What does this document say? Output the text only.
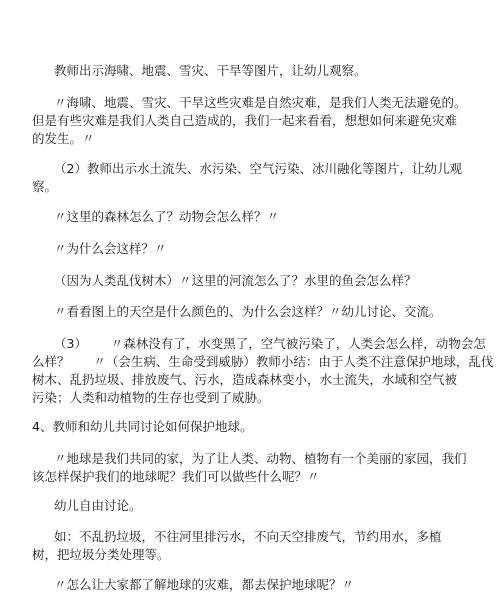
教师出示海啸、地震、雪灾、干旱等图片，让幼儿观察。

〃海啸、地震、雪灾、干旱这些灾难是自然灾难，是我们人类无法避免的。
但是有些灾难是我们人类自己造成的，我们一起来看看，想想如何来避免灾难
的发生。〃

（2）教师出示水土流失、水污染、空气污染、冰川融化等图片，让幼儿观
察。

〃这里的森林怎么了？动物会怎么样？〃

〃为什么会这样？〃

（因为人类乱伐树木）〃这里的河流怎么了？水里的鱼会怎么样？

〃看看图上的天空是什么颜色的、为什么会这样？〃幼儿讨论、交流。

（3）      〃森林没有了，水变黑了，空气被污染了，人类会怎么样，动物会怎
么样？      〃（会生病、生命受到威胁）教师小结：由于人类不注意保护地球，乱伐
树木、乱扔垃圾、排放废气、污水，造成森林变小，水土流失，水域和空气被
污染；人类和动植物的生存也受到了威胁。

4、教师和幼儿共同讨论如何保护地球。

〃地球是我们共同的家，为了让人类、动物、植物有一个美丽的家园，我们
该怎样保护我们的地球呢？我们可以做些什么呢？〃

幼儿自由讨论。

如：不乱扔垃圾，不往河里排污水，不向天空排废气，节约用水，多植
树，把垃圾分类处理等。

〃怎么让大家都了解地球的灾难，都去保护地球呢？〃
